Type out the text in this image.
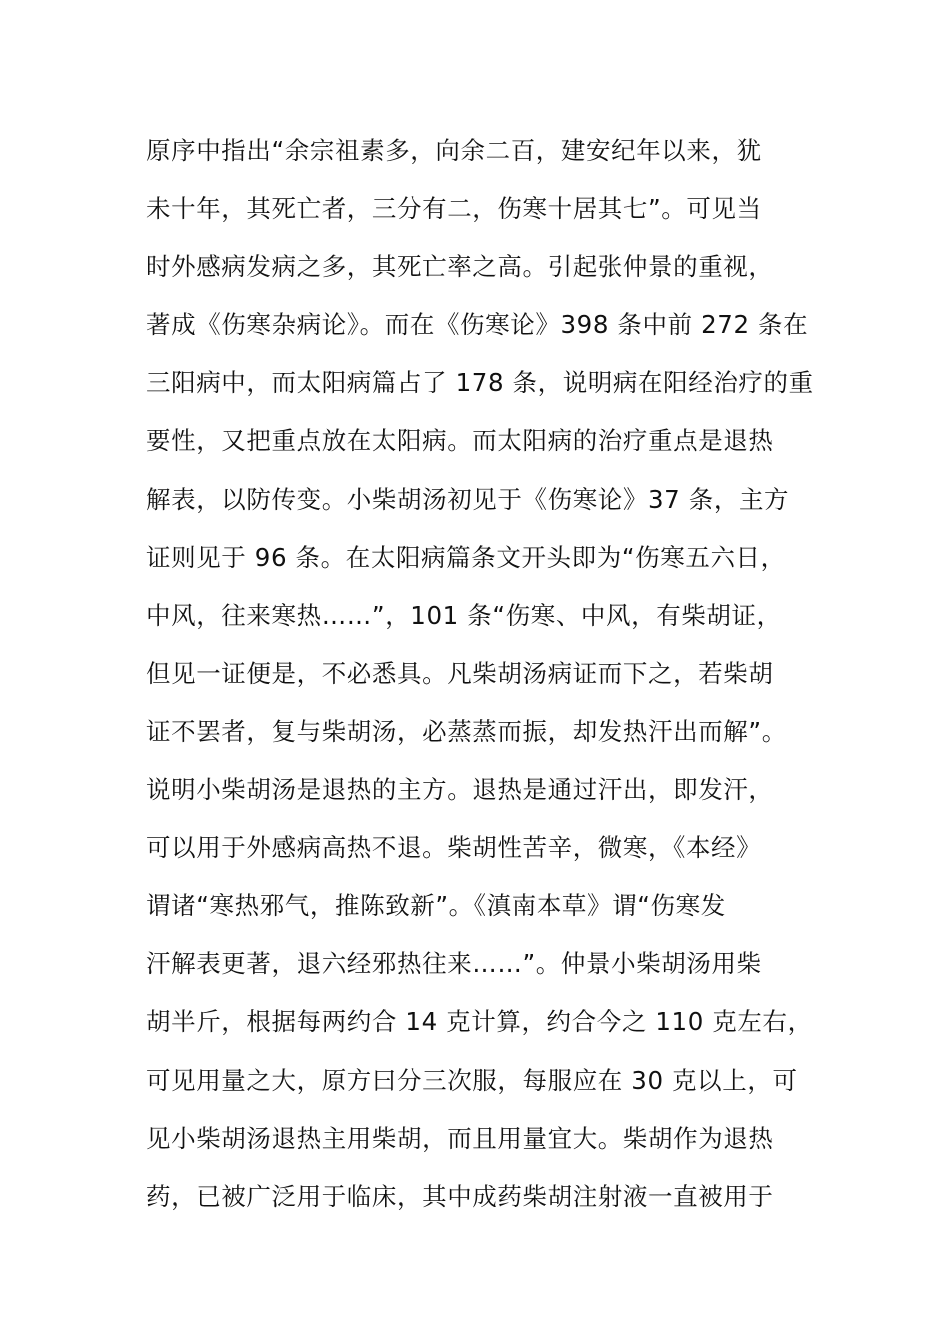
原序中指出“余宗祖素多，向余二百，建安纪年以来，犹
未十年，其死亡者，三分有二，伤寒十居其七”。可见当
时外感病发病之多，其死亡率之高。引起张仲景的重视，
著成《伤寒杂病论》。而在《伤寒论》398 条中前 272 条在
三阳病中，而太阳病篇占了 178 条，说明病在阳经治疗的重
要性，又把重点放在太阳病。而太阳病的治疗重点是退热
解表，以防传变。小柴胡汤初见于《伤寒论》37 条，主方
证则见于 96 条。在太阳病篇条文开头即为“伤寒五六日，
中风，往来寒热……”，101 条“伤寒、中风，有柴胡证，
但见一证便是，不必悉具。凡柴胡汤病证而下之，若柴胡
证不罢者，复与柴胡汤，必蒸蒸而振，却发热汗出而解”。
说明小柴胡汤是退热的主方。退热是通过汗出，即发汗，
可以用于外感病高热不退。柴胡性苦辛，微寒，《本经》
谓诸“寒热邪气，推陈致新”。《滇南本草》谓“伤寒发
汗解表更著，退六经邪热往来……”。仲景小柴胡汤用柴
胡半斤，根据每两约合 14 克计算，约合今之 110 克左右，
可见用量之大，原方曰分三次服，每服应在 30 克以上，可
见小柴胡汤退热主用柴胡，而且用量宜大。柴胡作为退热
药，已被广泛用于临床，其中成药柴胡注射液一直被用于
